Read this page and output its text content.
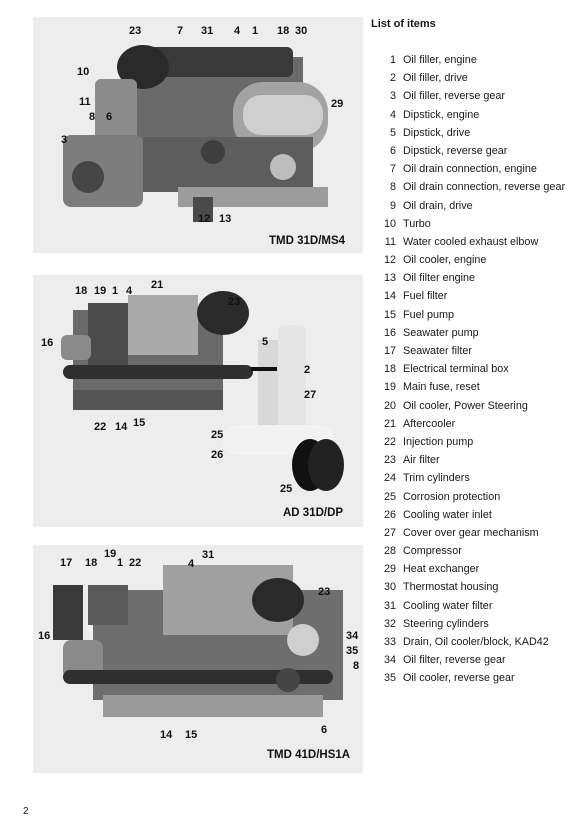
23	7 31 4 1 18 30
10
11
8 6
3
29
12 13
TMD 31D/MS4
18 19 1 4 21
23
16	5
2
27
22 14 15
25
26
25
AD 31D/DP
19
17 18 1 22
31
4
23
16	34
35
8
14 15	6
TMD 41D/HS1A
List of items
1 Oil filler, engine
2 Oil filler, drive
3 Oil filler, reverse gear
4 Dipstick, engine
5 Dipstick, drive
6 Dipstick, reverse gear
7 Oil drain connection, engine
8 Oil drain connection, reverse gear
9 Oil drain, drive
10 Turbo
11 Water cooled exhaust elbow
12 Oil cooler, engine
13 Oil filter engine
14 Fuel filter
15 Fuel pump
16 Seawater pump
17 Seawater filter
18 Electrical terminal box
19 Main fuse, reset
20 Oil cooler, Power Steering
21 Aftercooler
22 Injection pump
23 Air filter
24 Trim cylinders
25 Corrosion protection
26 Cooling water inlet
27 Cover over gear mechanism
28 Compressor
29 Heat exchanger
30 Thermostat housing
31 Cooling water filter
32 Steering cylinders
33 Drain, Oil cooler/block, KAD42
34 Oil filter, reverse gear
35 Oil cooler, reverse gear
2
